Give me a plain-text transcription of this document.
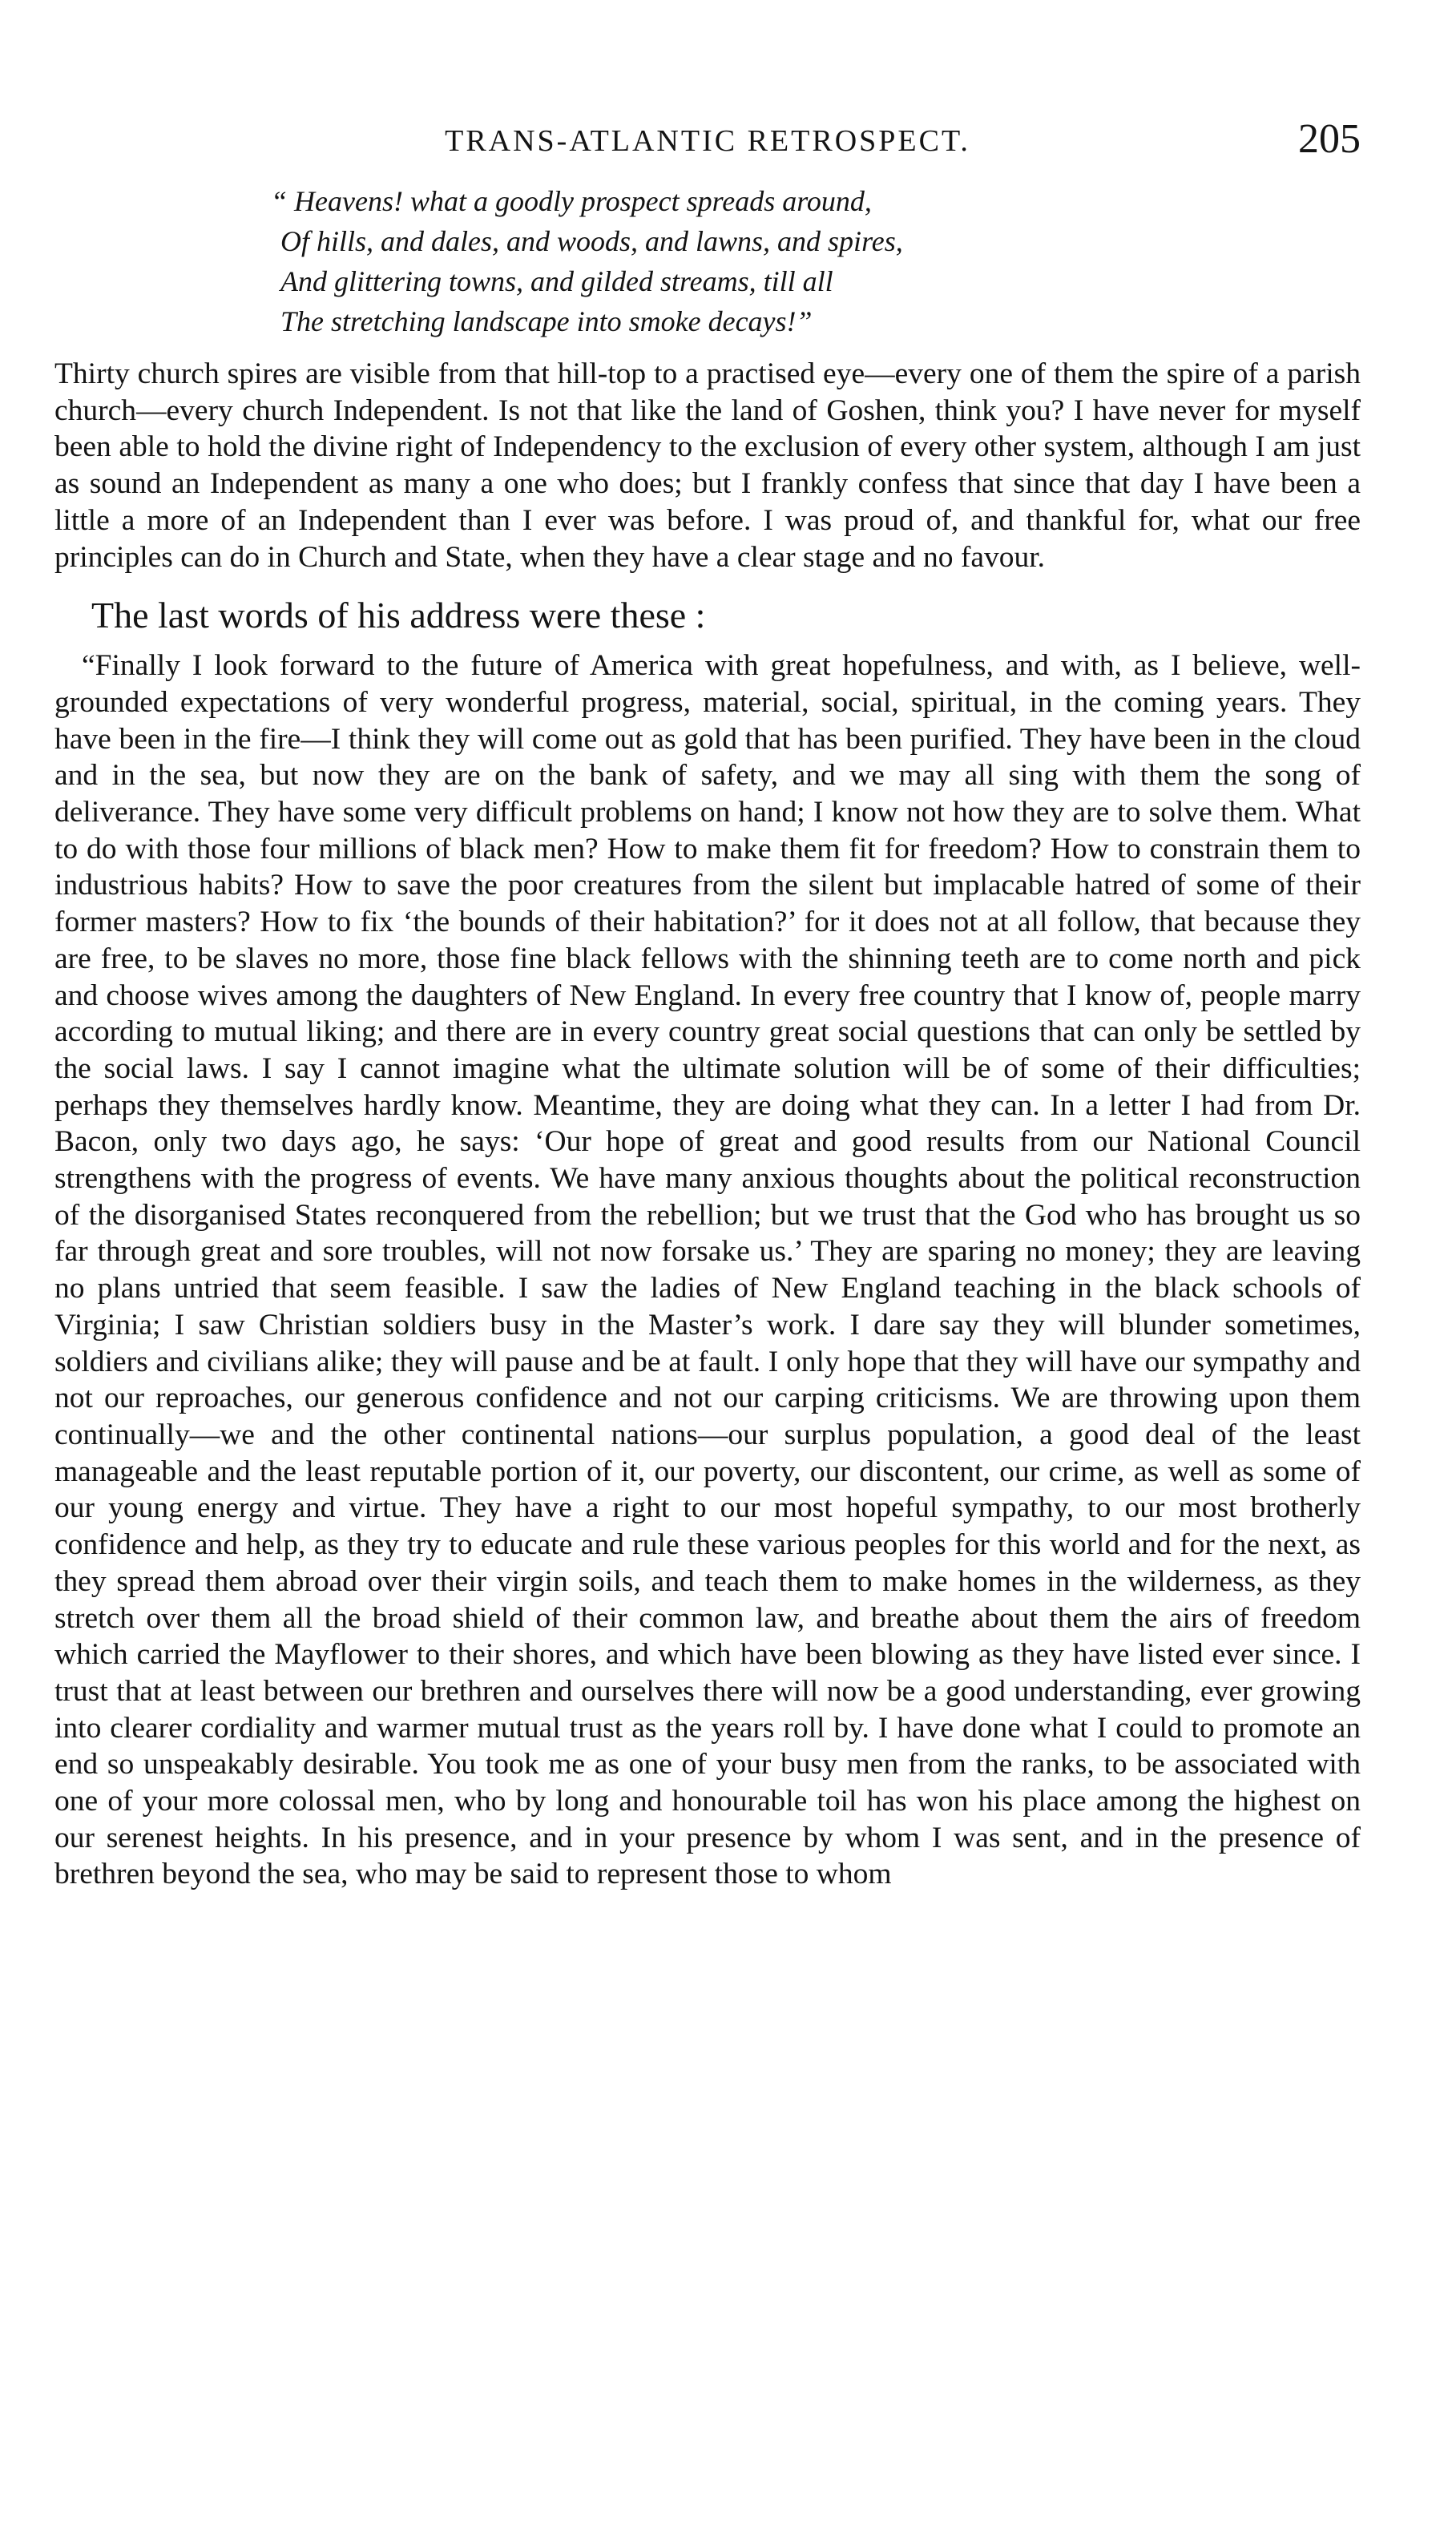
TRANS-ATLANTIC RETROSPECT.	205
“ Heavens! what a goodly prospect spreads around,
Of hills, and dales, and woods, and lawns, and spires,
And glittering towns, and gilded streams, till all
The stretching landscape into smoke decays!”

Thirty church spires are visible from that hill-top to a practised eye—every one of them the spire of a parish church—every church Independent. Is not that like the land of Goshen, think you? I have never for myself been able to hold the divine right of Independency to the exclusion of every other system, although I am just as sound an Independent as many a one who does; but I frankly confess that since that day I have been a little a more of an Independent than I ever was before. I was proud of, and thankful for, what our free principles can do in Church and State, when they have a clear stage and no favour.

The last words of his address were these :

“Finally I look forward to the future of America with great hopefulness, and with, as I believe, well-grounded expectations of very wonderful progress, material, social, spiritual, in the coming years. They have been in the fire—I think they will come out as gold that has been purified. They have been in the cloud and in the sea, but now they are on the bank of safety, and we may all sing with them the song of deliverance. They have some very difficult problems on hand; I know not how they are to solve them. What to do with those four millions of black men? How to make them fit for freedom? How to constrain them to industrious habits? How to save the poor creatures from the silent but implacable hatred of some of their former masters? How to fix ‘the bounds of their habitation?’ for it does not at all follow, that because they are free, to be slaves no more, those fine black fellows with the shinning teeth are to come north and pick and choose wives among the daughters of New England. In every free country that I know of, people marry according to mutual liking; and there are in every country great social questions that can only be settled by the social laws. I say I cannot imagine what the ultimate solution will be of some of their difficulties; perhaps they themselves hardly know. Meantime, they are doing what they can. In a letter I had from Dr. Bacon, only two days ago, he says: ‘Our hope of great and good results from our National Council strengthens with the progress of events. We have many anxious thoughts about the political reconstruction of the disorganised States reconquered from the rebellion; but we trust that the God who has brought us so far through great and sore troubles, will not now forsake us.’ They are sparing no money; they are leaving no plans untried that seem feasible. I saw the ladies of New England teaching in the black schools of Virginia; I saw Christian soldiers busy in the Master’s work. I dare say they will blunder sometimes, soldiers and civilians alike; they will pause and be at fault. I only hope that they will have our sympathy and not our reproaches, our generous confidence and not our carping criticisms. We are throwing upon them continually—we and the other continental nations—our surplus population, a good deal of the least manageable and the least reputable portion of it, our poverty, our discontent, our crime, as well as some of our young energy and virtue. They have a right to our most hopeful sympathy, to our most brotherly confidence and help, as they try to educate and rule these various peoples for this world and for the next, as they spread them abroad over their virgin soils, and teach them to make homes in the wilderness, as they stretch over them all the broad shield of their common law, and breathe about them the airs of freedom which carried the Mayflower to their shores, and which have been blowing as they have listed ever since. I trust that at least between our brethren and ourselves there will now be a good understanding, ever growing into clearer cordiality and warmer mutual trust as the years roll by. I have done what I could to promote an end so unspeakably desirable. You took me as one of your busy men from the ranks, to be associated with one of your more colossal men, who by long and honourable toil has won his place among the highest on our serenest heights. In his presence, and in your presence by whom I was sent, and in the presence of brethren beyond the sea, who may be said to represent those to whom
